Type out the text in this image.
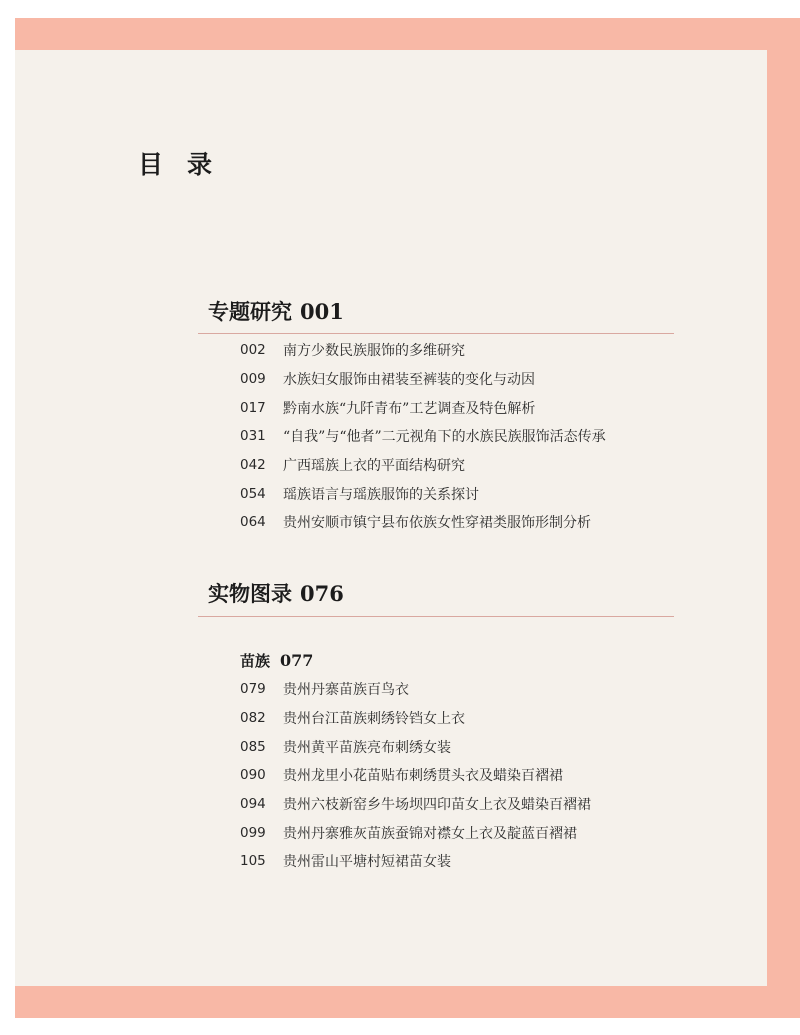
目 录
专题研究 001
002	南方少数民族服饰的多维研究
009	水族妇女服饰由裙装至裤装的变化与动因
017	黔南水族“九阡青布”工艺调查及特色解析
031	“自我”与“他者”二元视角下的水族民族服饰活态传承
042	广西瑶族上衣的平面结构研究
054	瑶族语言与瑶族服饰的关系探讨
064	贵州安顺市镇宁县布依族女性穿裙类服饰形制分析
实物图录 076
苗族 077
079	贵州丹寨苗族百鸟衣
082	贵州台江苗族刺绣铃铛女上衣
085	贵州黄平苗族亮布刺绣女装
090	贵州龙里小花苗贴布刺绣贯头衣及蜡染百褶裙
094	贵州六枝新窑乡牛场坝四印苗女上衣及蜡染百褶裙
099	贵州丹寨雅灰苗族蚕锦对襟女上衣及靛蓝百褶裙
105	贵州雷山平塘村短裙苗女装
